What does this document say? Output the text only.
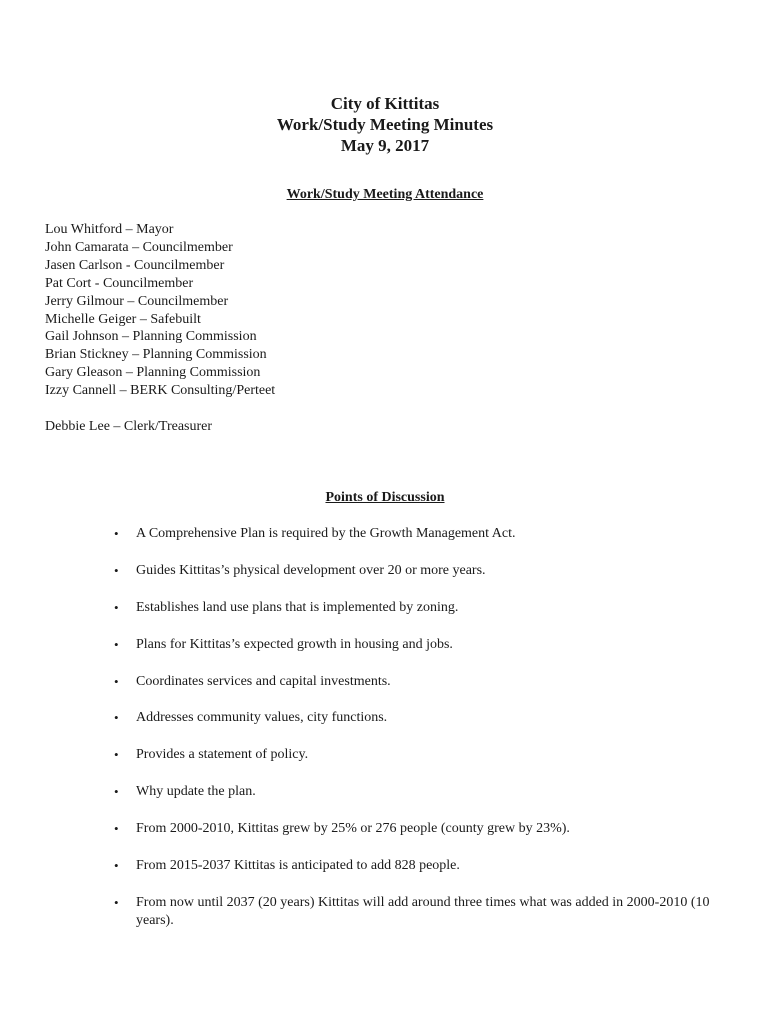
City of Kittitas
Work/Study Meeting Minutes
May 9, 2017
Work/Study Meeting Attendance
Lou Whitford – Mayor
John Camarata – Councilmember
Jasen Carlson - Councilmember
Pat Cort - Councilmember
Jerry Gilmour – Councilmember
Michelle Geiger – Safebuilt
Gail Johnson – Planning Commission
Brian Stickney – Planning Commission
Gary Gleason – Planning Commission
Izzy Cannell – BERK Consulting/Perteet
Debbie Lee – Clerk/Treasurer
Points of Discussion
• A Comprehensive Plan is required by the Growth Management Act.
• Guides Kittitas’s physical development over 20 or more years.
• Establishes land use plans that is implemented by zoning.
• Plans for Kittitas’s expected growth in housing and jobs.
• Coordinates services and capital investments.
• Addresses community values, city functions.
• Provides a statement of policy.
• Why update the plan.
• From 2000-2010, Kittitas grew by 25% or 276 people (county grew by 23%).
• From 2015-2037 Kittitas is anticipated to add 828 people.
• From now until 2037 (20 years) Kittitas will add around three times what was added in 2000-2010 (10 years).
